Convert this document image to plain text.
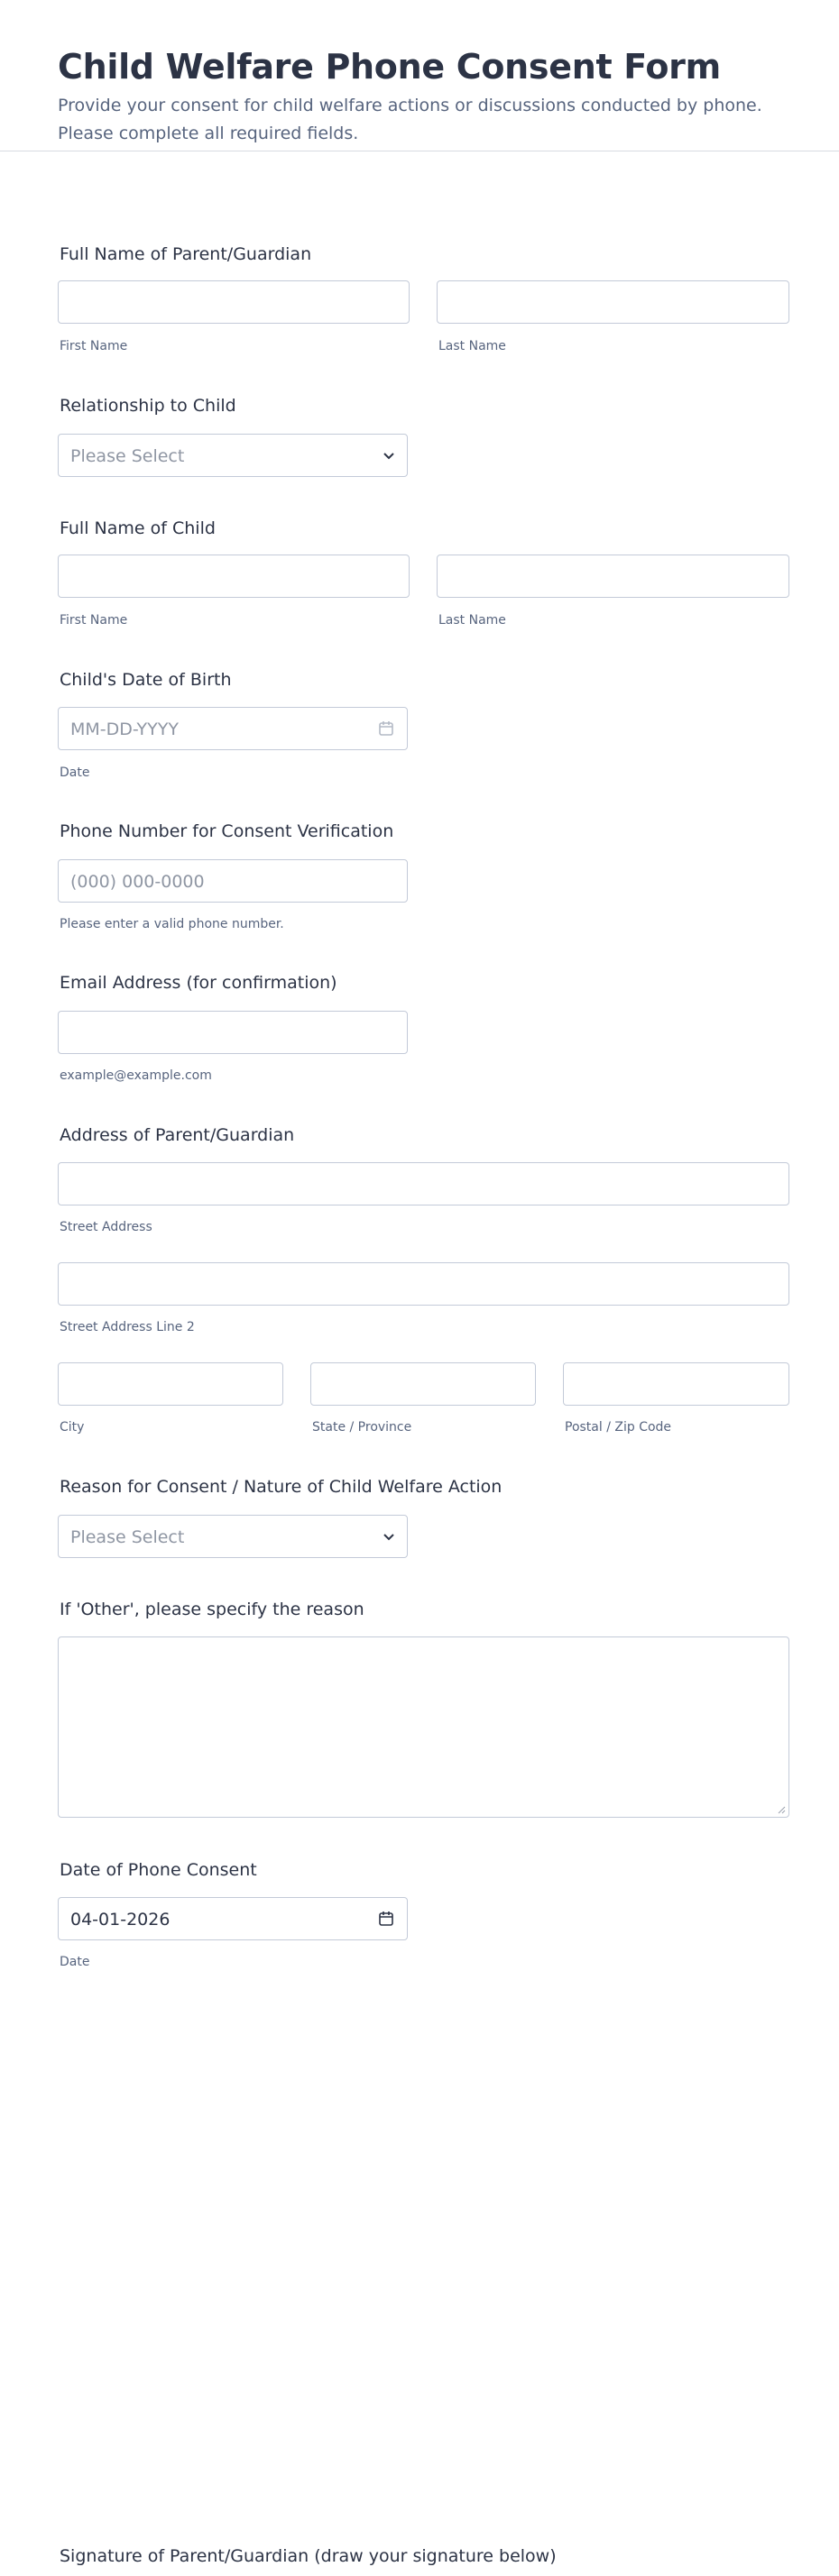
Child Welfare Phone Consent Form
Provide your consent for child welfare actions or discussions conducted by phone. Please complete all required fields.
Full Name of Parent/Guardian
First Name	Last Name
Relationship to Child
Please Select
Full Name of Child
First Name	Last Name
Child's Date of Birth
MM-DD-YYYY
Date
Phone Number for Consent Verification
(000) 000-0000
Please enter a valid phone number.
Email Address (for confirmation)
example@example.com
Address of Parent/Guardian
Street Address
Street Address Line 2
City	State / Province	Postal / Zip Code
Reason for Consent / Nature of Child Welfare Action
Please Select
If 'Other', please specify the reason
Date of Phone Consent
04-01-2026
Date
Signature of Parent/Guardian (draw your signature below)
